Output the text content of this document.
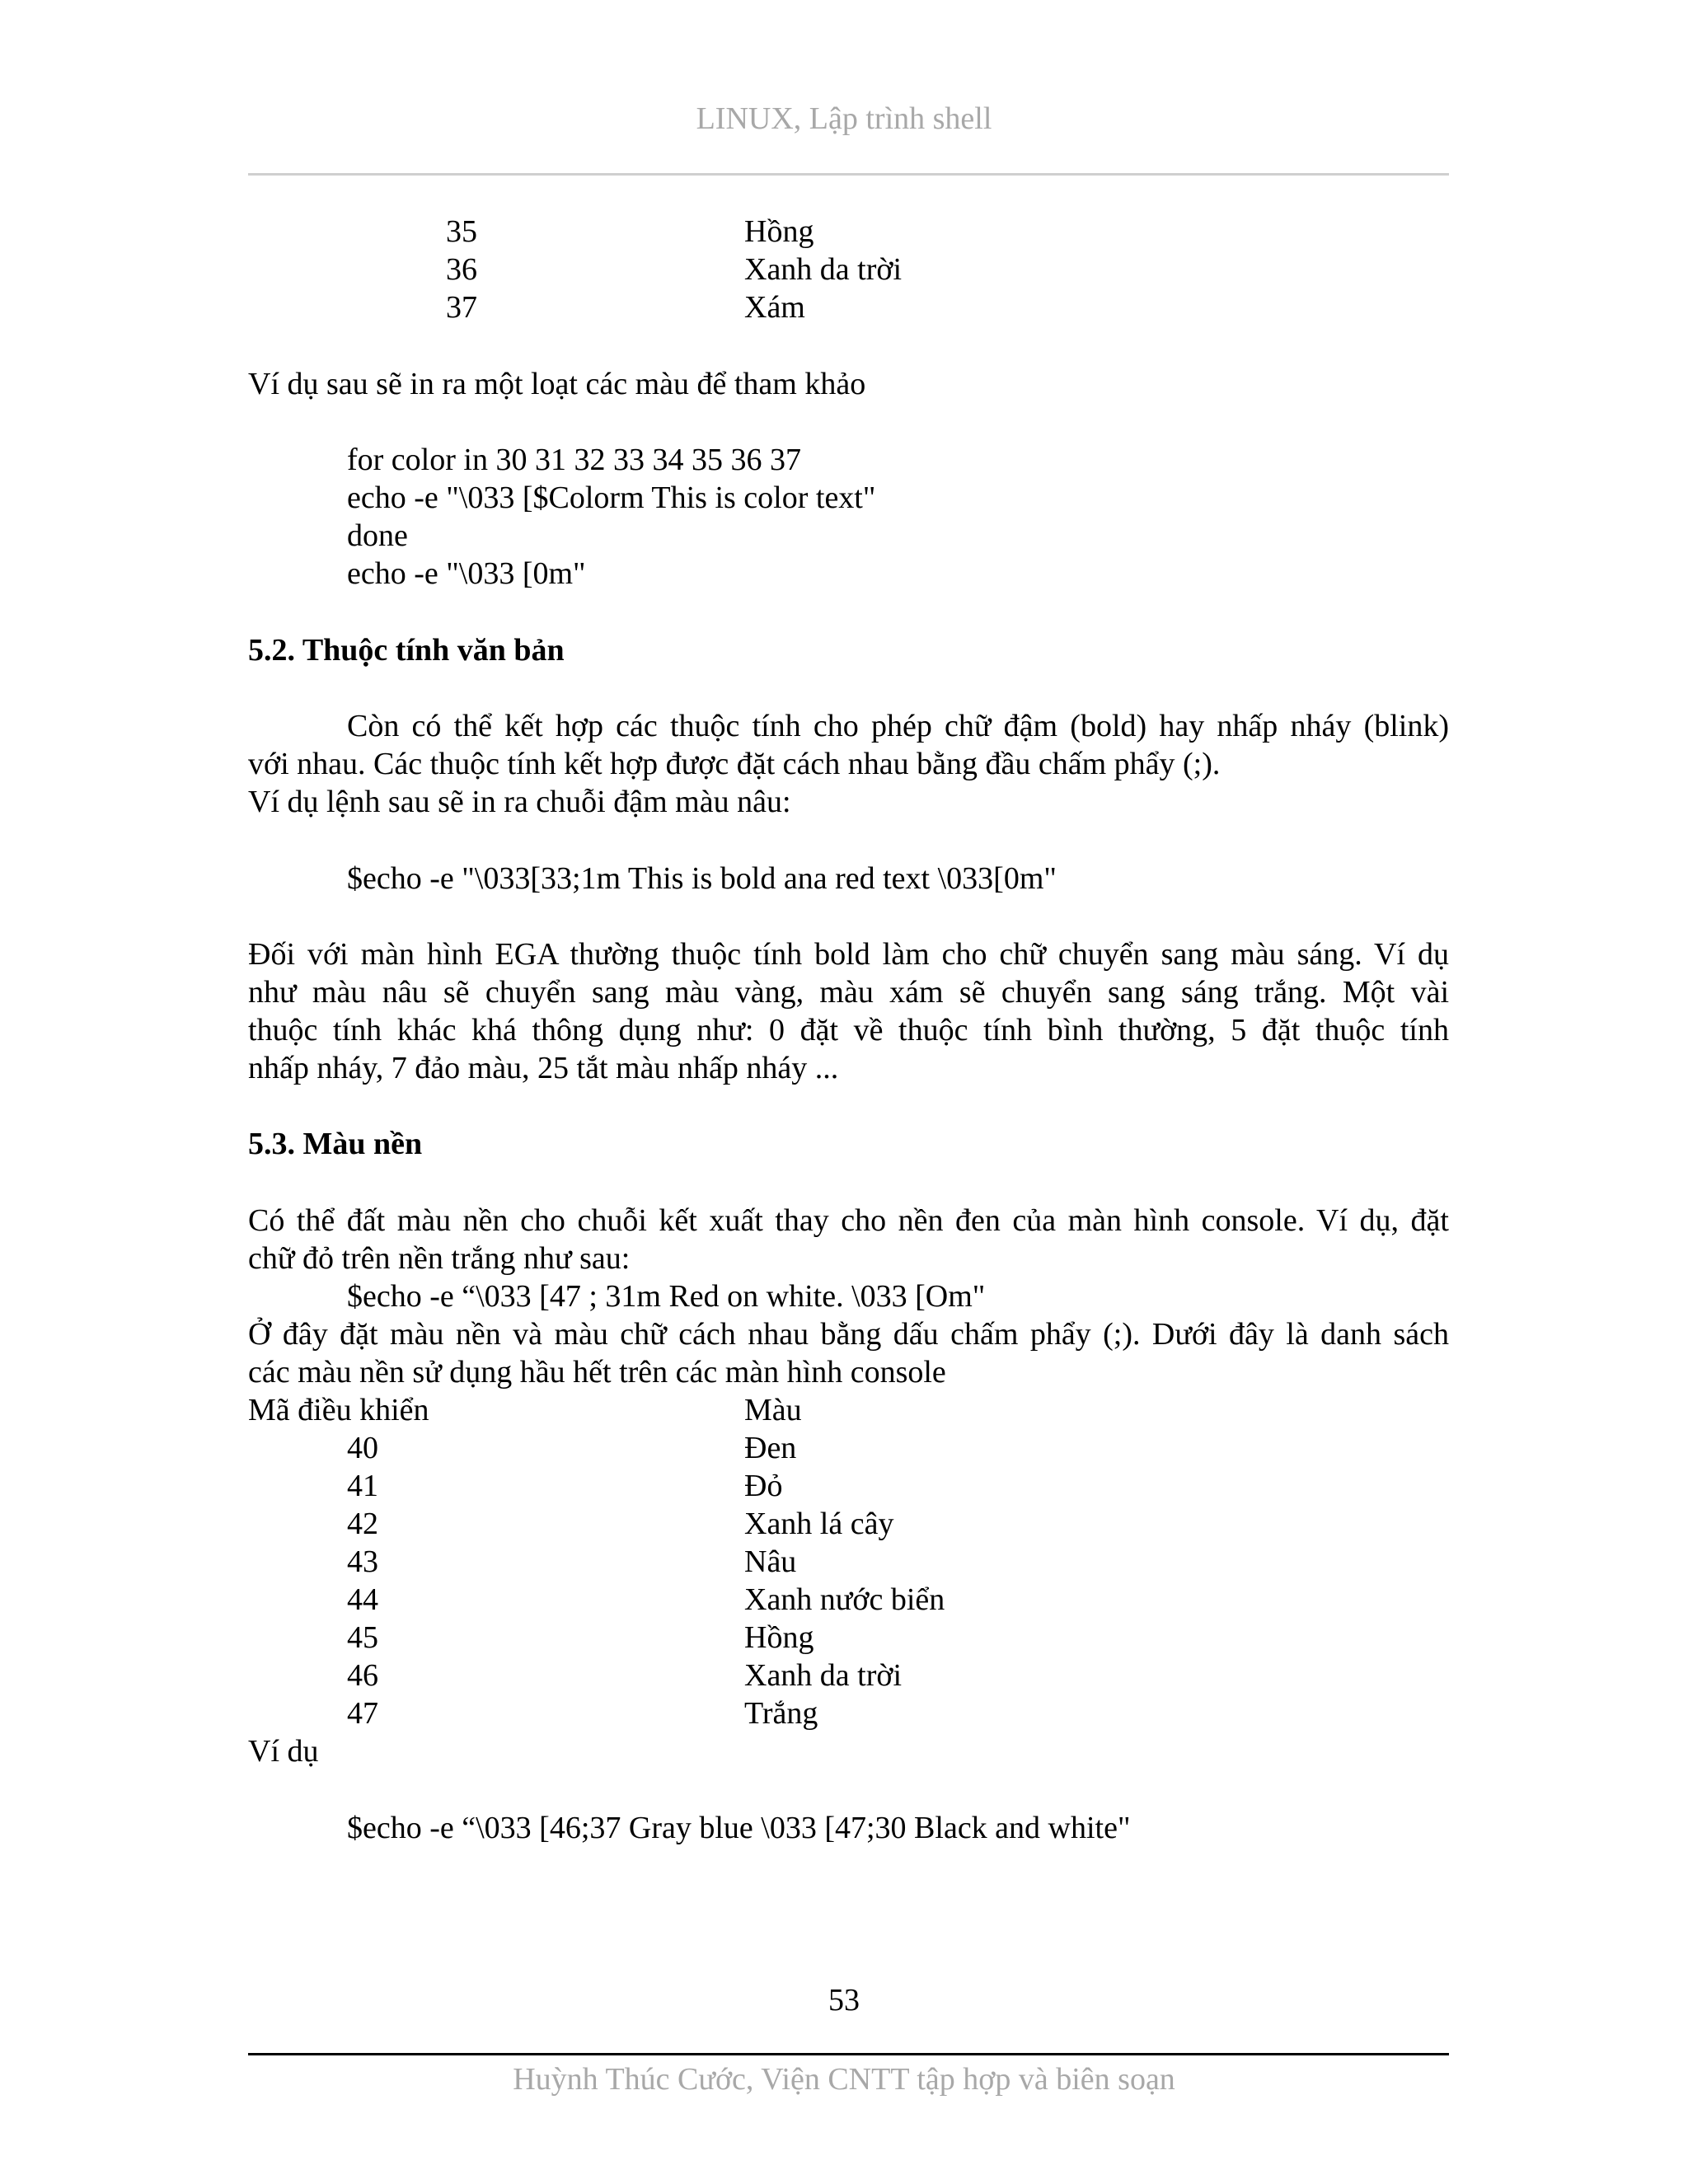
LINUX, Lập trình shell
35	Hồng
36	Xanh da trời
37	Xám
Ví dụ sau sẽ in ra một loạt các màu để tham khảo
for color in 30 31 32 33 34 35 36 37
echo -e "\033 [$Colorm This is color text"
done
echo -e "\033 [0m"
5.2. Thuộc tính văn bản
Còn có thể kết hợp các thuộc tính cho phép chữ đậm (bold) hay nhấp nháy (blink)
với nhau. Các thuộc tính kết hợp được đặt cách nhau bằng đầu chấm phẩy (;).
Ví dụ lệnh sau sẽ in ra chuỗi đậm màu nâu:
$echo -e "\033[33;1m This is bold ana red text \033[0m"
Đối với màn hình EGA thường thuộc tính bold làm cho chữ chuyển sang màu sáng. Ví dụ
như màu nâu sẽ chuyển sang màu vàng, màu xám sẽ chuyển sang sáng trắng. Một vài
thuộc tính khác khá thông dụng như: 0 đặt về thuộc tính bình thường, 5 đặt thuộc tính
nhấp nháy, 7 đảo màu, 25 tắt màu nhấp nháy ...
5.3. Màu nền
Có thể đất màu nền cho chuỗi kết xuất thay cho nền đen của màn hình console. Ví dụ, đặt
chữ đỏ trên nền trắng như sau:
$echo -e “\033 [47 ; 31m Red on white. \033 [Om"
Ở đây đặt màu nền và màu chữ cách nhau bằng dấu chấm phẩy (;). Dưới đây là danh sách
các màu nền sử dụng hầu hết trên các màn hình console
Mã điều khiển	Màu
40	Đen
41	Đỏ
42	Xanh lá cây
43	Nâu
44	Xanh nước biển
45	Hồng
46	Xanh da trời
47	Trắng
Ví dụ
$echo -e “\033 [46;37 Gray blue \033 [47;30 Black and white"
53
Huỳnh Thúc Cước, Viện CNTT tập hợp và biên soạn
